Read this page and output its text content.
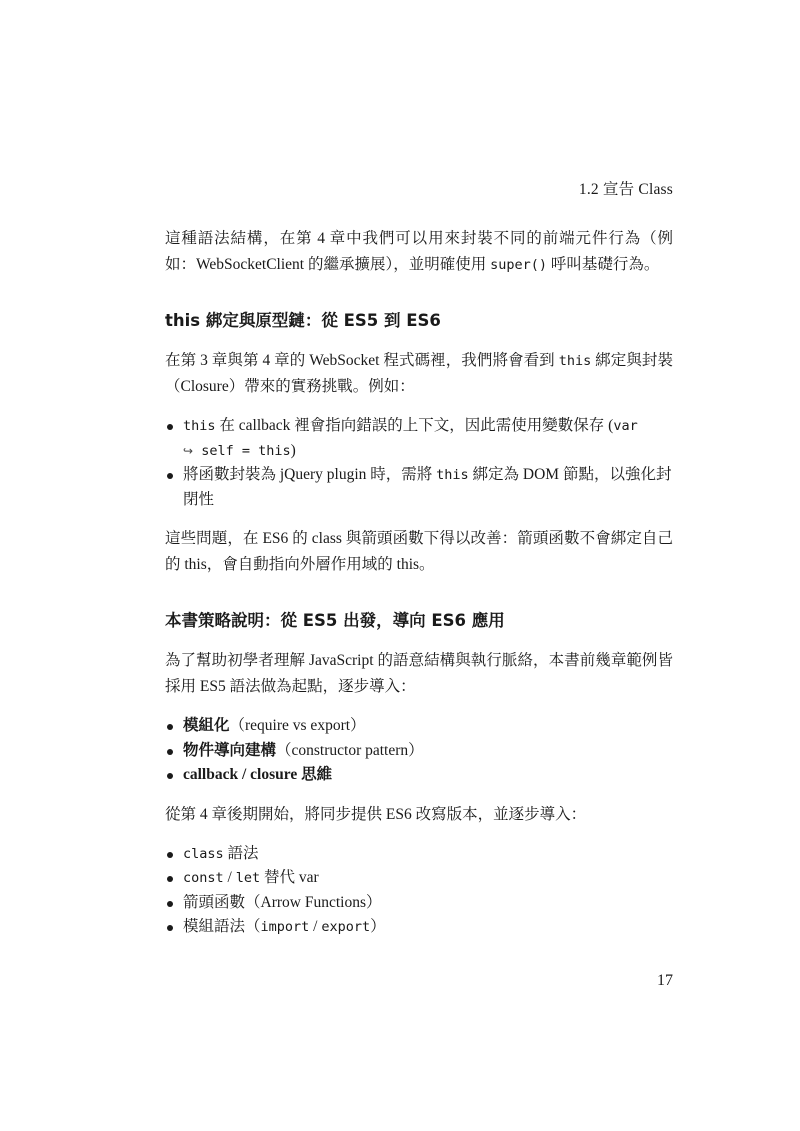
1.2 宣告 Class

這種語法結構，在第 4 章中我們可以用來封裝不同的前端元件行為（例如：WebSocketClient 的繼承擴展），並明確使用 super() 呼叫基礎行為。

this 綁定與原型鏈：從 ES5 到 ES6

在第 3 章與第 4 章的 WebSocket 程式碼裡，我們將會看到 this 綁定與封裝（Closure）帶來的實務挑戰。例如：

this 在 callback 裡會指向錯誤的上下文，因此需使用變數保存 (var
↪ self = this)
將函數封裝為 jQuery plugin 時，需將 this 綁定為 DOM 節點，以強化封閉性

這些問題，在 ES6 的 class 與箭頭函數下得以改善：箭頭函數不會綁定自己的 this，會自動指向外層作用域的 this。

本書策略說明：從 ES5 出發，導向 ES6 應用

為了幫助初學者理解 JavaScript 的語意結構與執行脈絡，本書前幾章範例皆採用 ES5 語法做為起點，逐步導入：

模組化（require vs export）
物件導向建構（constructor pattern）
callback / closure 思維

從第 4 章後期開始，將同步提供 ES6 改寫版本，並逐步導入：

class 語法
const / let 替代 var
箭頭函數（Arrow Functions）
模組語法（import / export）
17
